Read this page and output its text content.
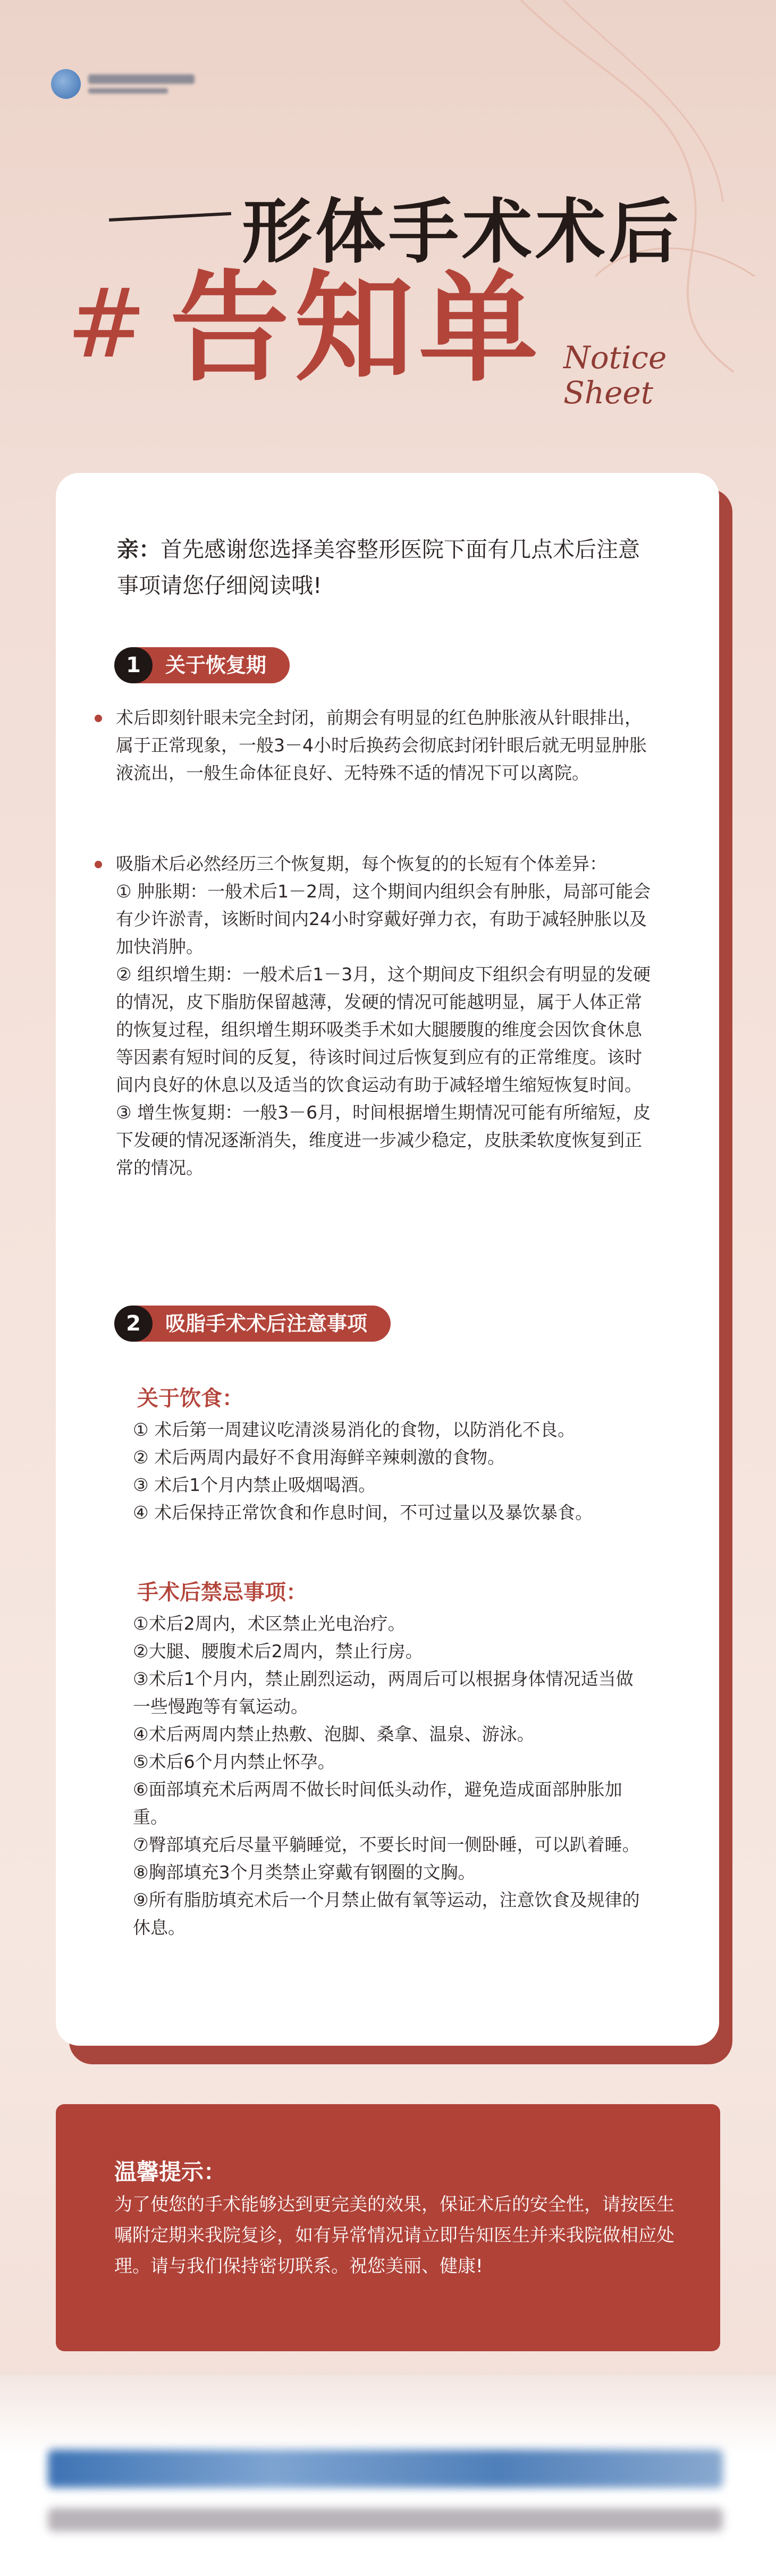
形体手术术后
# 告知单 Notice
Sheet
亲：首先感谢您选择美容整形医院下面有几点术后注意事项请您仔细阅读哦!
1	关于恢复期
术后即刻针眼未完全封闭，前期会有明显的红色肿胀液从针眼排出，属于正常现象，一般3－4小时后换药会彻底封闭针眼后就无明显肿胀液流出，一般生命体征良好、无特殊不适的情况下可以离院。
吸脂术后必然经历三个恢复期，每个恢复的的长短有个体差异：
① 肿胀期：一般术后1－2周，这个期间内组织会有肿胀，局部可能会有少许淤青，该断时间内24小时穿戴好弹力衣，有助于减轻肿胀以及加快消肿。
② 组织增生期：一般术后1－3月，这个期间皮下组织会有明显的发硬的情况，皮下脂肪保留越薄，发硬的情况可能越明显，属于人体正常的恢复过程，组织增生期环吸类手术如大腿腰腹的维度会因饮食休息等因素有短时间的反复，待该时间过后恢复到应有的正常维度。该时间内良好的休息以及适当的饮食运动有助于减轻增生缩短恢复时间。
③ 增生恢复期：一般3－6月，时间根据增生期情况可能有所缩短，皮下发硬的情况逐渐消失，维度进一步减少稳定，皮肤柔软度恢复到正常的情况。
2	吸脂手术术后注意事项
关于饮食：
① 术后第一周建议吃清淡易消化的食物，以防消化不良。
② 术后两周内最好不食用海鲜辛辣刺激的食物。
③ 术后1个月内禁止吸烟喝酒。
④ 术后保持正常饮食和作息时间，不可过量以及暴饮暴食。
手术后禁忌事项：
①术后2周内，术区禁止光电治疗。
②大腿、腰腹术后2周内，禁止行房。
③术后1个月内，禁止剧烈运动，两周后可以根据身体情况适当做一些慢跑等有氧运动。
④术后两周内禁止热敷、泡脚、桑拿、温泉、游泳。
⑤术后6个月内禁止怀孕。
⑥面部填充术后两周不做长时间低头动作，避免造成面部肿胀加重。
⑦臀部填充后尽量平躺睡觉，不要长时间一侧卧睡，可以趴着睡。
⑧胸部填充3个月类禁止穿戴有钢圈的文胸。
⑨所有脂肪填充术后一个月禁止做有氧等运动，注意饮食及规律的休息。
温馨提示：
为了使您的手术能够达到更完美的效果，保证术后的安全性，请按医生嘱附定期来我院复诊，如有异常情况请立即告知医生并来我院做相应处理。请与我们保持密切联系。祝您美丽、健康!
